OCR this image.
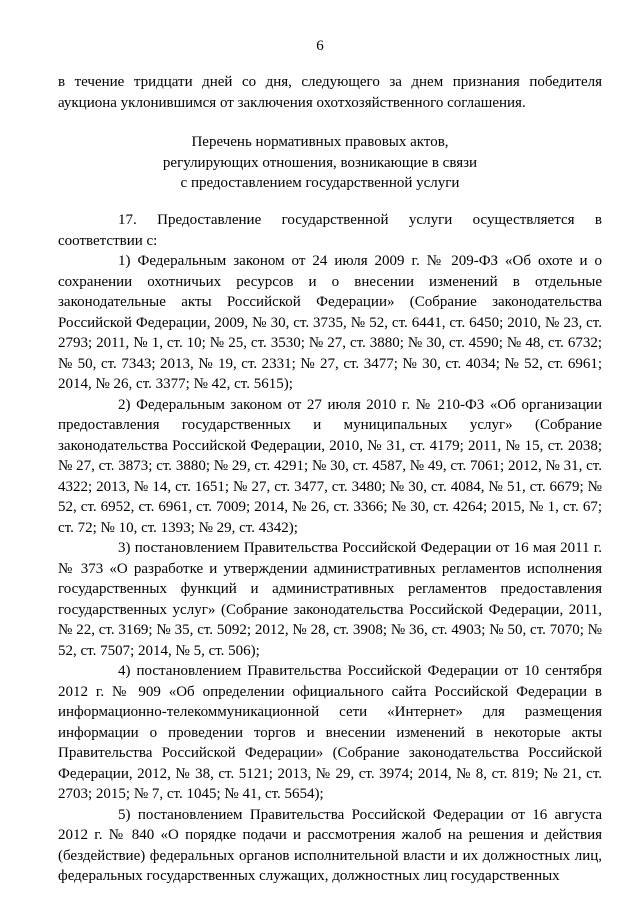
6
в течение тридцати дней со дня, следующего за днем признания победителя аукциона уклонившимся от заключения охотхозяйственного соглашения.
Перечень нормативных правовых актов,
регулирующих отношения, возникающие в связи
с предоставлением государственной услуги

17. Предоставление государственной услуги осуществляется в соответствии с:

1) Федеральным законом от 24 июля 2009 г. № 209-ФЗ «Об охоте и о сохранении охотничьих ресурсов и о внесении изменений в отдельные законодательные акты Российской Федерации» (Собрание законодательства Российской Федерации, 2009, № 30, ст. 3735, № 52, ст. 6441, ст. 6450; 2010, № 23, ст. 2793; 2011, № 1, ст. 10; № 25, ст. 3530; № 27, ст. 3880; № 30, ст. 4590; № 48, ст. 6732; № 50, ст. 7343; 2013, № 19, ст. 2331; № 27, ст. 3477; № 30, ст. 4034; № 52, ст. 6961; 2014, № 26, ст. 3377; № 42, ст. 5615);

2) Федеральным законом от 27 июля 2010 г. № 210-ФЗ «Об организации предоставления государственных и муниципальных услуг» (Собрание законодательства Российской Федерации, 2010, № 31, ст. 4179; 2011, № 15, ст. 2038; № 27, ст. 3873; ст. 3880; № 29, ст. 4291; № 30, ст. 4587, № 49, ст. 7061; 2012, № 31, ст. 4322; 2013, № 14, ст. 1651; № 27, ст. 3477, ст. 3480; № 30, ст. 4084, № 51, ст. 6679; № 52, ст. 6952, ст. 6961, ст. 7009; 2014, № 26, ст. 3366; № 30, ст. 4264; 2015, № 1, ст. 67; ст. 72; № 10, ст. 1393; № 29, ст. 4342);

3) постановлением Правительства Российской Федерации от 16 мая 2011 г. № 373 «О разработке и утверждении административных регламентов исполнения государственных функций и административных регламентов предоставления государственных услуг» (Собрание законодательства Российской Федерации, 2011, № 22, ст. 3169; № 35, ст. 5092; 2012, № 28, ст. 3908; № 36, ст. 4903; № 50, ст. 7070; № 52, ст. 7507; 2014, № 5, ст. 506);

4) постановлением Правительства Российской Федерации от 10 сентября 2012 г. № 909 «Об определении официального сайта Российской Федерации в информационно-телекоммуникационной сети «Интернет» для размещения информации о проведении торгов и внесении изменений в некоторые акты Правительства Российской Федерации» (Собрание законодательства Российской Федерации, 2012, № 38, ст. 5121; 2013, № 29, ст. 3974; 2014, № 8, ст. 819; № 21, ст. 2703; 2015; № 7, ст. 1045; № 41, ст. 5654);

5) постановлением Правительства Российской Федерации от 16 августа 2012 г. № 840 «О порядке подачи и рассмотрения жалоб на решения и действия (бездействие) федеральных органов исполнительной власти и их должностных лиц, федеральных государственных служащих, должностных лиц государственных
